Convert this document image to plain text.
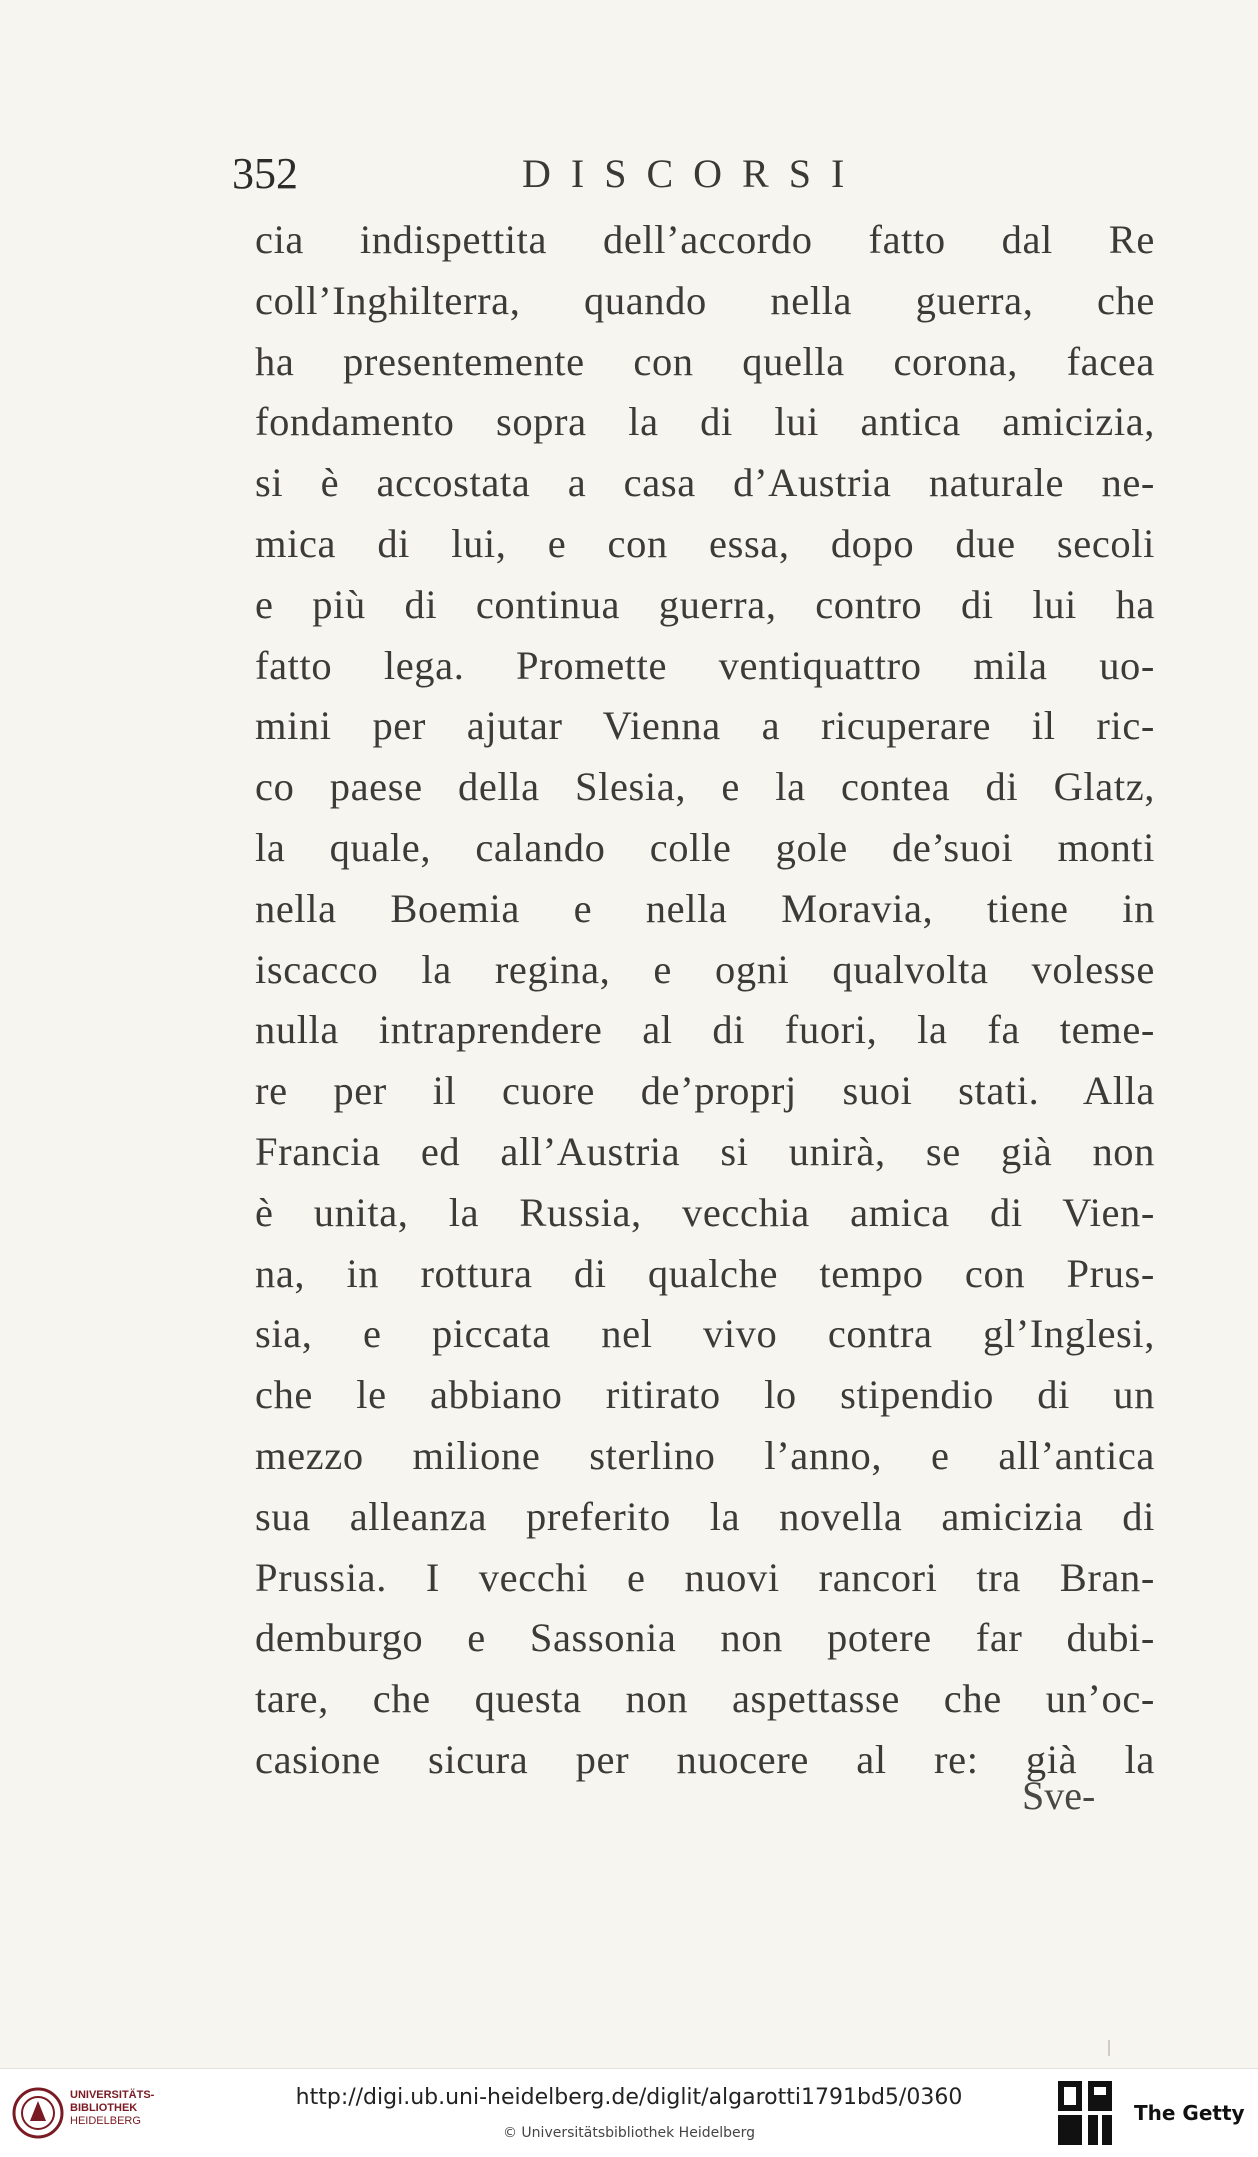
352	DISCORSI
cia indispettita dell’accordo fatto dal Re
coll’Inghilterra, quando nella guerra, che
ha presentemente con quella corona, facea
fondamento sopra la di lui antica amicizia,
si è accostata a casa d’Austria naturale ne-
mica di lui, e con essa, dopo due secoli
e più di continua guerra, contro di lui ha
fatto lega. Promette ventiquattro mila uo-
mini per ajutar Vienna a ricuperare il ric-
co paese della Slesia, e la contea di Glatz,
la quale, calando colle gole de’suoi monti
nella Boemia e nella Moravia, tiene in
iscacco la regina, e ogni qualvolta volesse
nulla intraprendere al di fuori, la fa teme-
re per il cuore de’proprj suoi stati. Alla
Francia ed all’Austria si unirà, se già non
è unita, la Russia, vecchia amica di Vien-
na, in rottura di qualche tempo con Prus-
sia, e piccata nel vivo contra gl’Inglesi,
che le abbiano ritirato lo stipendio di un
mezzo milione sterlino l’anno, e all’antica
sua alleanza preferito la novella amicizia di
Prussia. I vecchi e nuovi rancori tra Bran-
demburgo e Sassonia non potere far dubi-
tare, che questa non aspettasse che un’oc-
casione sicura per nuocere al re: già la
Sve-
UNIVERSITÄTS-
BIBLIOTHEK
HEIDELBERG
http://digi.ub.uni-heidelberg.de/diglit/algarotti1791bd5/0360
© Universitätsbibliothek Heidelberg
The Getty
